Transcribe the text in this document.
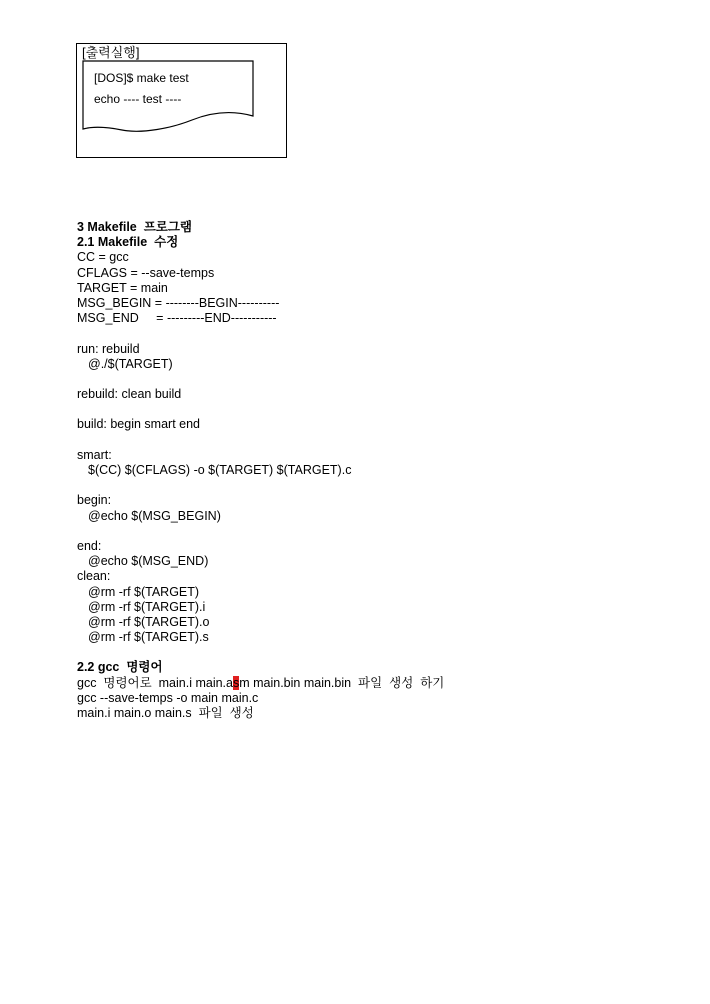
[출력실행]
[DOS]$ make test
echo ---- test ----
3 Makefile  프로그램
2.1 Makefile  수정
CC = gcc
CFLAGS = --save-temps
TARGET = main
MSG_BEGIN = --------BEGIN----------
MSG_END     = ---------END-----------
run: rebuild
@./$(TARGET)
rebuild: clean build
build: begin smart end
smart:
$(CC) $(CFLAGS) -o $(TARGET) $(TARGET).c
begin:
@echo $(MSG_BEGIN)
end:
@echo $(MSG_END)
clean:
@rm -rf $(TARGET)
@rm -rf $(TARGET).i
@rm -rf $(TARGET).o
@rm -rf $(TARGET).s
2.2 gcc  명령어
gcc  명령어로  main.i main.asm main.bin main.bin  파일  생성  하기
gcc --save-temps -o main main.c
main.i main.o main.s  파일  생성
